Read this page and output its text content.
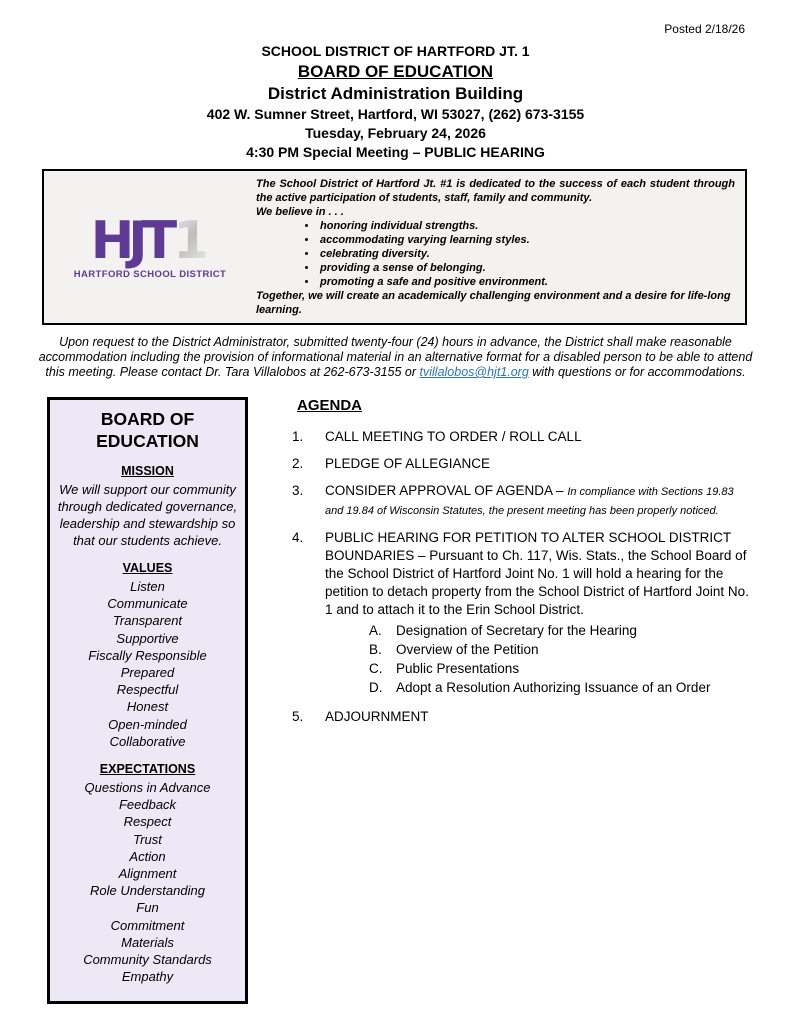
Posted 2/18/26
SCHOOL DISTRICT OF HARTFORD JT. 1
BOARD OF EDUCATION
District Administration Building
402 W. Sumner Street, Hartford, WI 53027, (262) 673-3155
Tuesday, February 24, 2026
4:30 PM Special Meeting – PUBLIC HEARING
HJT 1
HARTFORD SCHOOL DISTRICT
The School District of Hartford Jt. #1 is dedicated to the success of each student through the active participation of students, staff, family and community.
We believe in . . .
• honoring individual strengths.
• accommodating varying learning styles.
• celebrating diversity.
• providing a sense of belonging.
• promoting a safe and positive environment.
Together, we will create an academically challenging environment and a desire for life-long learning.
Upon request to the District Administrator, submitted twenty-four (24) hours in advance, the District shall make reasonable accommodation including the provision of informational material in an alternative format for a disabled person to be able to attend this meeting. Please contact Dr. Tara Villalobos at 262-673-3155 or tvillalobos@hjt1.org with questions or for accommodations.
BOARD OF EDUCATION
MISSION
We will support our community through dedicated governance, leadership and stewardship so that our students achieve.
VALUES
Listen
Communicate
Transparent
Supportive
Fiscally Responsible
Prepared
Respectful
Honest
Open-minded
Collaborative
EXPECTATIONS
Questions in Advance
Feedback
Respect
Trust
Action
Alignment
Role Understanding
Fun
Commitment
Materials
Community Standards
Empathy
AGENDA
1.	CALL MEETING TO ORDER / ROLL CALL
2.	PLEDGE OF ALLEGIANCE
3.	CONSIDER APPROVAL OF AGENDA – In compliance with Sections 19.83 and 19.84 of Wisconsin Statutes, the present meeting has been properly noticed.
4.	PUBLIC HEARING FOR PETITION TO ALTER SCHOOL DISTRICT BOUNDARIES – Pursuant to Ch. 117, Wis. Stats., the School Board of the School District of Hartford Joint No. 1 will hold a hearing for the petition to detach property from the School District of Hartford Joint No. 1 and to attach it to the Erin School District.
A.	Designation of Secretary for the Hearing
B.	Overview of the Petition
C.	Public Presentations
D.	Adopt a Resolution Authorizing Issuance of an Order
5.	ADJOURNMENT
